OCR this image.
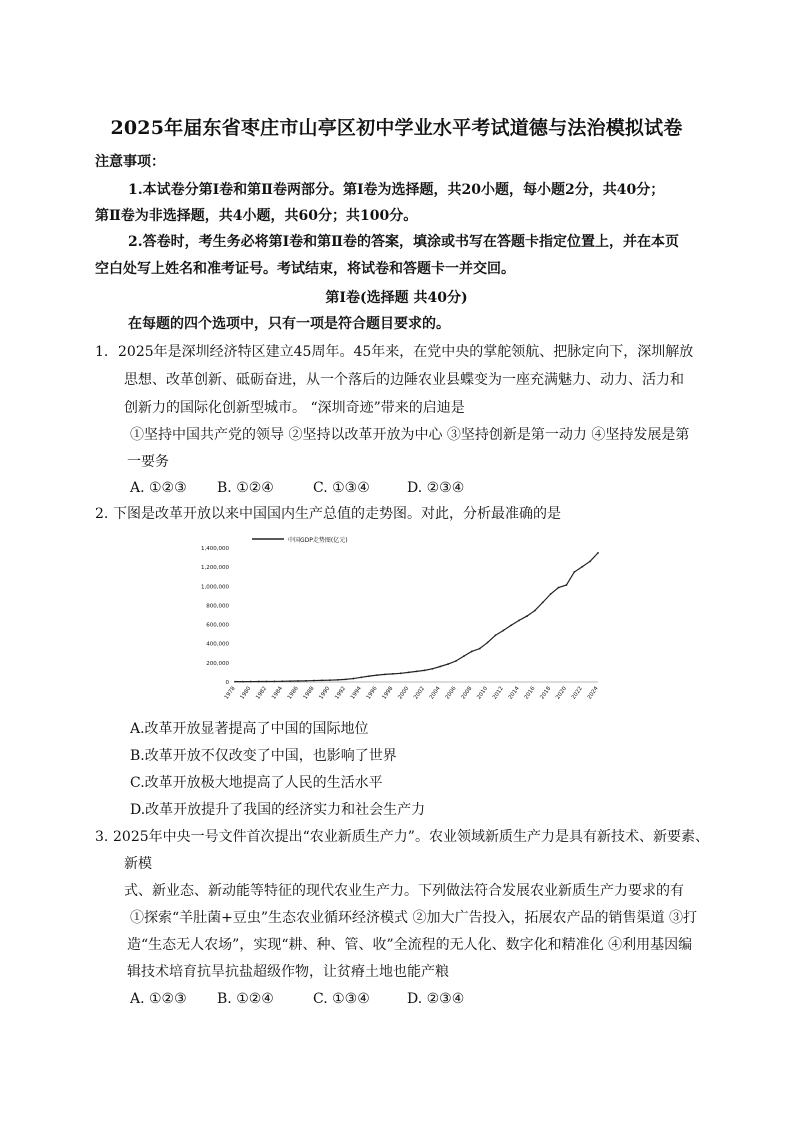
2025年届东省枣庄市山亭区初中学业水平考试道德与法治模拟试卷
注意事项：
1.本试卷分第Ⅰ卷和第Ⅱ卷两部分。第Ⅰ卷为选择题，共20小题，每小题2分，共40分；
第Ⅱ卷为非选择题，共4小题，共60分；共100分。
2.答卷时，考生务必将第Ⅰ卷和第Ⅱ卷的答案，填涂或书写在答题卡指定位置上，并在本页
空白处写上姓名和准考证号。考试结束，将试卷和答题卡一并交回。
第Ⅰ卷(选择题 共40分)
在每题的四个选项中，只有一项是符合题目要求的。
1. 2025年是深圳经济特区建立45周年。45年来，在党中央的掌舵领航、把脉定向下，深圳解放
思想、改革创新、砥砺奋进，从一个落后的边陲农业县蝶变为一座充满魅力、动力、活力和
创新力的国际化创新型城市。 “深圳奇迹”带来的启迪是
①坚持中国共产党的领导 ②坚持以改革开放为中心 ③坚持创新是第一动力 ④坚持发展是第
一要务
A. ①②③ B. ①②④	C. ①③④	D. ②③④
2. 下图是改革开放以来中国国内生产总值的走势图。对此，分析最准确的是
中国GDP走势图(亿元)
0
200,000
400,000
600,000
800,000
1,000,000
1,200,000
1,400,000
1978 1980 1982 1984 1986 1988 1990 1992 1994 1996 1998 2000 2002 2004 2006 2008 2010 2012 2014 2016 2018 2020 2022 2024
A.改革开放显著提高了中国的国际地位
B.改革开放不仅改变了中国，也影响了世界
C.改革开放极大地提高了人民的生活水平
D.改革开放提升了我国的经济实力和社会生产力
3. 2025年中央一号文件首次提出“农业新质生产力”。农业领域新质生产力是具有新技术、新要素、
新模
式、新业态、新动能等特征的现代农业生产力。下列做法符合发展农业新质生产力要求的有
①探索“羊肚菌+豆虫”生态农业循环经济模式 ②加大广告投入，拓展农产品的销售渠道 ③打
造“生态无人农场”，实现“耕、种、管、收”全流程的无人化、数字化和精准化 ④利用基因编
辑技术培育抗旱抗盐超级作物，让贫瘠土地也能产粮
A. ①②③ B. ①②④	C. ①③④	D. ②③④
